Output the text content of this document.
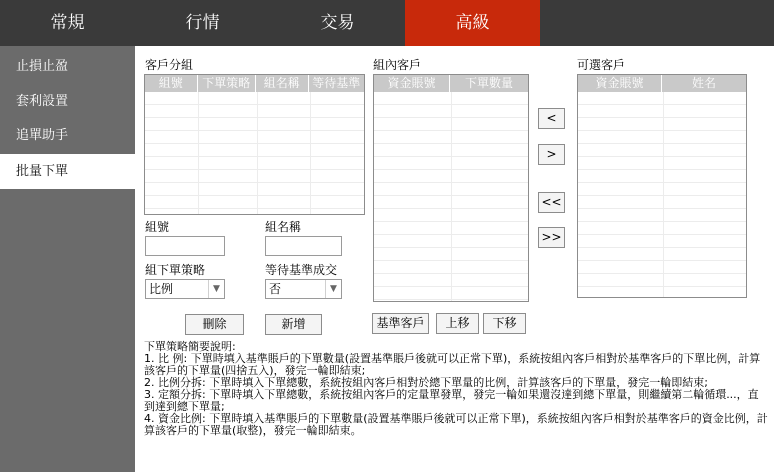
常規	行情	交易	高級
止損止盈
套利設置
追單助手
批量下單
客戶分組
組號	下單策略	組名稱	等待基準
組號	組名稱
組下單策略
比例	▼
等待基準成交
否	▼
刪除	新增
組內客戶
資金賬號	下單數量
基準客戶	上移	下移
<
>
<<
>>
可選客戶
資金賬號	姓名

下單策略簡要說明:

1. 比 例: 下單時填入基準賬戶的下單數量(設置基準賬戶後就可以正常下單)，系統按組內客戶相對於基準客戶的下單比例，計算該客戶的下單量(四捨五入)，發完一輪即結束;

2. 比例分拆: 下單時填入下單總數，系統按組內客戶相對於總下單量的比例，計算該客戶的下單量，發完一輪即結束;

3. 定額分拆: 下單時填入下單總數，系統按組內客戶的定量單發單，發完一輪如果還沒達到總下單量，則繼續第二輪循環...，直到達到總下單量;

4. 資金比例: 下單時填入基準賬戶的下單數量(設置基準賬戶後就可以正常下單)，系統按組內客戶相對於基準客戶的資金比例，計算該客戶的下單量(取整)，發完一輪即結束。
